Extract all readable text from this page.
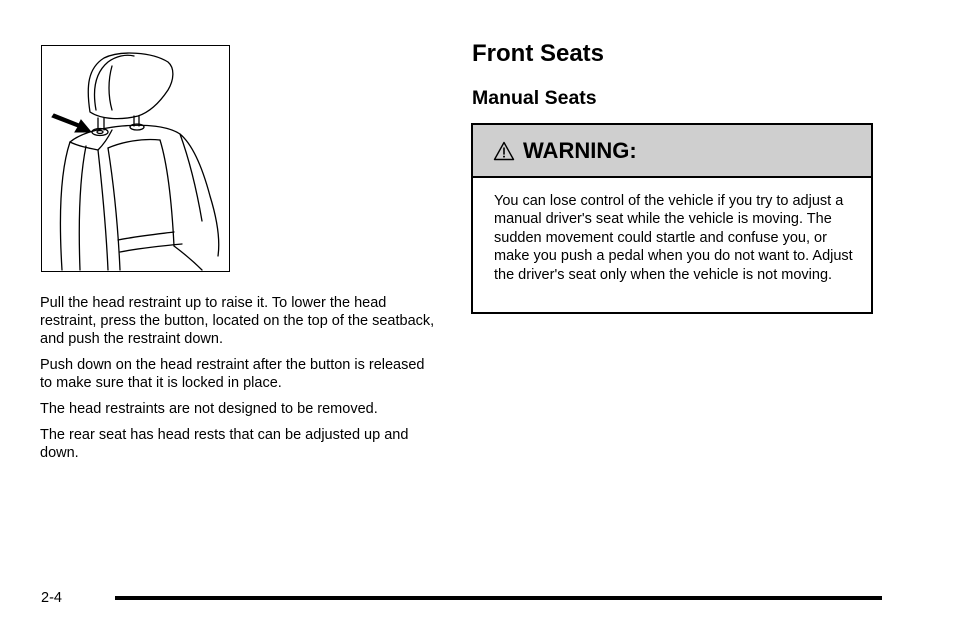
Pull the head restraint up to raise it. To lower the head restraint, press the button, located on the top of the seatback, and push the restraint down.

Push down on the head restraint after the button is released to make sure that it is locked in place.

The head restraints are not designed to be removed.

The rear seat has head rests that can be adjusted up and down.

Front Seats
Manual Seats
WARNING:
You can lose control of the vehicle if you try to adjust a manual driver's seat while the vehicle is moving. The sudden movement could startle and confuse you, or make you push a pedal when you do not want to. Adjust the driver's seat only when the vehicle is not moving.
2-4
